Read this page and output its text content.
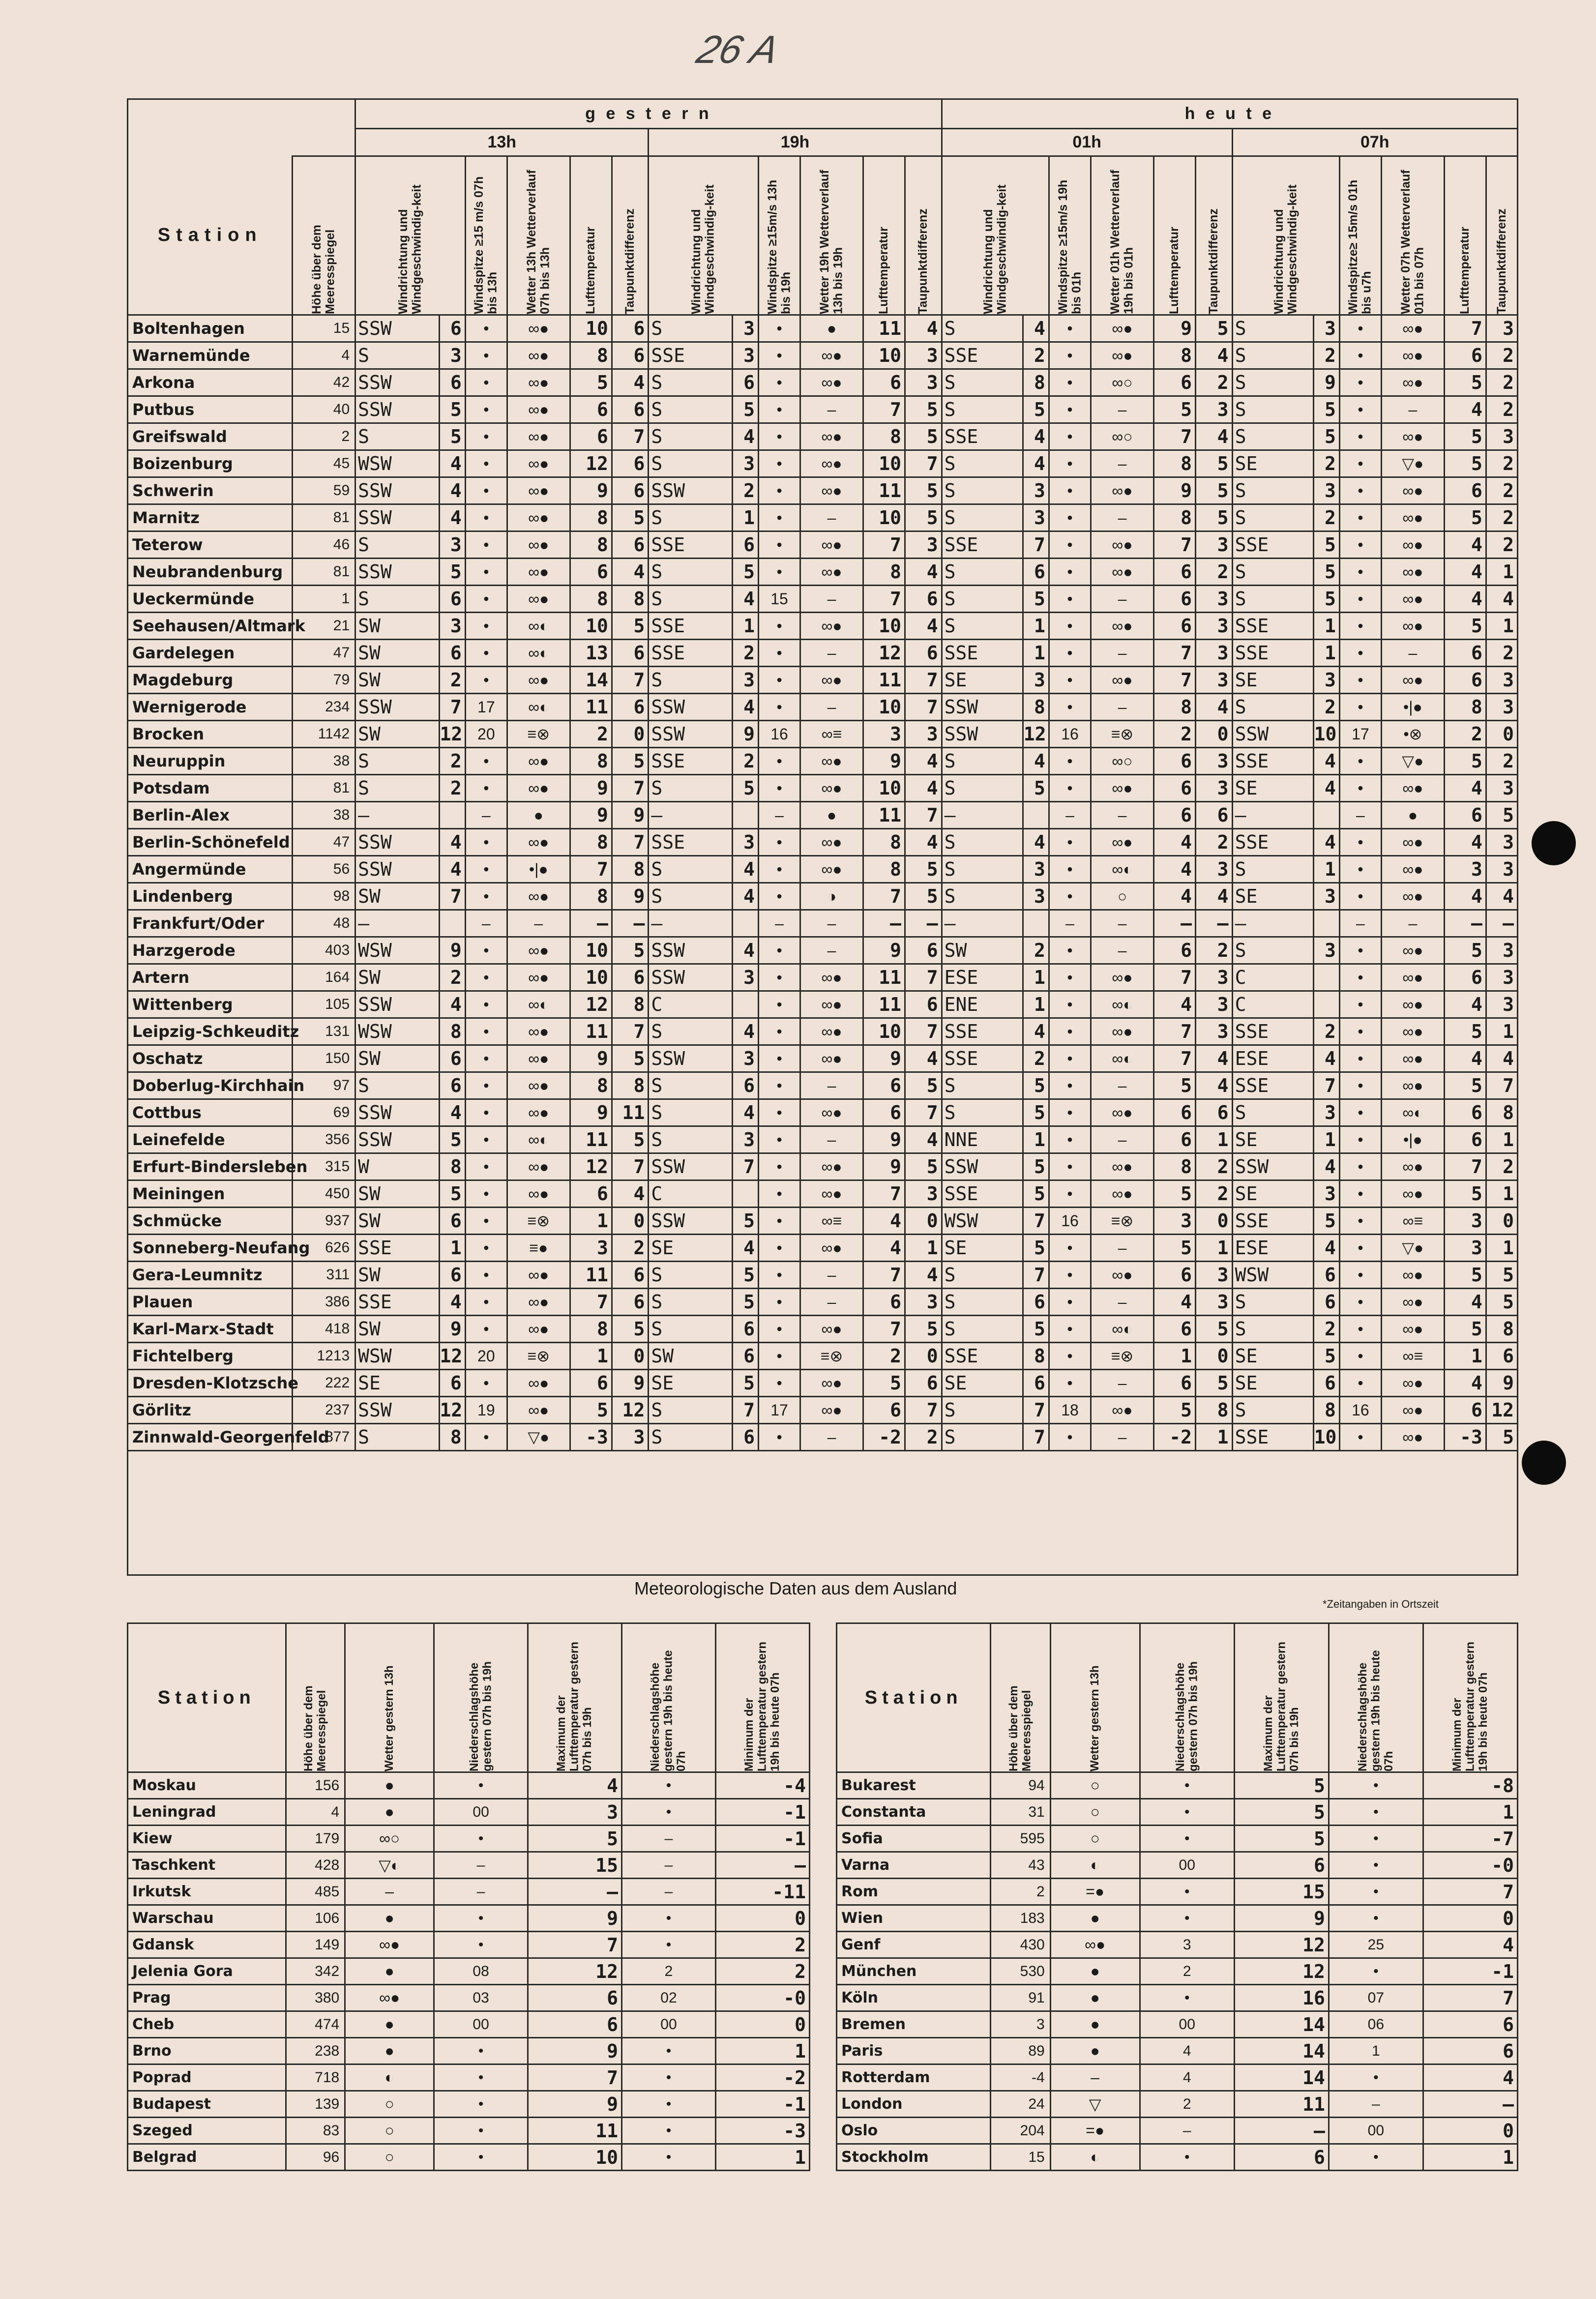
26 A
		g e s t e r n												h e u t e											
		13h						19h						01h						07h					
Station	Höhe über dem Meeresspiegel	Windrichtung und Windgeschwindig-keit		Windspitze ≥15 m/s 07h bis 13h	Wetter 13h Wetterverlauf 07h bis 13h	Lufttemperatur	Taupunktdifferenz	Windrichtung und Windgeschwindig-keit		Windspitze ≥15m/s 13h bis 19h	Wetter 19h Wetterverlauf 13h bis 19h	Lufttemperatur	Taupunktdifferenz	Windrichtung und Windgeschwindig-keit		Windspitze ≥15m/s 19h bis 01h	Wetter 01h Wetterverlauf 19h bis 01h	Lufttemperatur	Taupunktdifferenz	Windrichtung und Windgeschwindig-keit		Windspitze≥ 15m/s 01h bis u7h	Wetter 07h Wetterverlauf 01h bis 07h	Lufttemperatur	Taupunktdifferenz

Boltenhagen	15	SSW	6	•	∞●	10	6	S	3	•	●	11	4	S	4	•	∞●	9	5	S	3	•	∞●	7	3
Warnemünde	4	S	3	•	∞●	8	6	SSE	3	•	∞●	10	3	SSE	2	•	∞●	8	4	S	2	•	∞●	6	2
Arkona	42	SSW	6	•	∞●	5	4	S	6	•	∞●	6	3	S	8	•	∞○	6	2	S	9	•	∞●	5	2
Putbus	40	SSW	5	•	∞●	6	6	S	5	•	–	7	5	S	5	•	–	5	3	S	5	•	–	4	2
Greifswald	2	S	5	•	∞●	6	7	S	4	•	∞●	8	5	SSE	4	•	∞○	7	4	S	5	•	∞●	5	3
Boizenburg	45	WSW	4	•	∞●	12	6	S	3	•	∞●	10	7	S	4	•	–	8	5	SE	2	•	▽●	5	2
Schwerin	59	SSW	4	•	∞●	9	6	SSW	2	•	∞●	11	5	S	3	•	∞●	9	5	S	3	•	∞●	6	2
Marnitz	81	SSW	4	•	∞●	8	5	S	1	•	–	10	5	S	3	•	–	8	5	S	2	•	∞●	5	2
Teterow	46	S	3	•	∞●	8	6	SSE	6	•	∞●	7	3	SSE	7	•	∞●	7	3	SSE	5	•	∞●	4	2
Neubrandenburg	81	SSW	5	•	∞●	6	4	S	5	•	∞●	8	4	S	6	•	∞●	6	2	S	5	•	∞●	4	1
Ueckermünde	1	S	6	•	∞●	8	8	S	4	15	–	7	6	S	5	•	–	6	3	S	5	•	∞●	4	4
Seehausen/Altmark	21	SW	3	•	∞◐	10	5	SSE	1	•	∞●	10	4	S	1	•	∞●	6	3	SSE	1	•	∞●	5	1
Gardelegen	47	SW	6	•	∞◐	13	6	SSE	2	•	–	12	6	SSE	1	•	–	7	3	SSE	1	•	–	6	2
Magdeburg	79	SW	2	•	∞●	14	7	S	3	•	∞●	11	7	SE	3	•	∞●	7	3	SE	3	•	∞●	6	3
Wernigerode	234	SSW	7	17	∞◐	11	6	SSW	4	•	–	10	7	SSW	8	•	–	8	4	S	2	•	•|●	8	3
Brocken	1142	SW	12	20	≡⊗	2	0	SSW	9	16	∞≡	3	3	SSW	12	16	≡⊗	2	0	SSW	10	17	•⊗	2	0
Neuruppin	38	S	2	•	∞●	8	5	SSE	2	•	∞●	9	4	S	4	•	∞○	6	3	SSE	4	•	▽●	5	2
Potsdam	81	S	2	•	∞●	9	7	S	5	•	∞●	10	4	S	5	•	∞●	6	3	SE	4	•	∞●	4	3
Berlin-Alex	38	–		–	●	9	9	–		–	●	11	7	–		–	–	6	6	–		–	●	6	5
Berlin-Schönefeld	47	SSW	4	•	∞●	8	7	SSE	3	•	∞●	8	4	S	4	•	∞●	4	2	SSE	4	•	∞●	4	3
Angermünde	56	SSW	4	•	•|●	7	8	S	4	•	∞●	8	5	S	3	•	∞◐	4	3	S	1	•	∞●	3	3
Lindenberg	98	SW	7	•	∞●	8	9	S	4	•	◑	7	5	S	3	•	○	4	4	SE	3	•	∞●	4	4
Frankfurt/Oder	48	–		–	–	–	–	–		–	–	–	–	–		–	–	–	–	–		–	–	–	–
Harzgerode	403	WSW	9	•	∞●	10	5	SSW	4	•	–	9	6	SW	2	•	–	6	2	S	3	•	∞●	5	3
Artern	164	SW	2	•	∞●	10	6	SSW	3	•	∞●	11	7	ESE	1	•	∞●	7	3	C		•	∞●	6	3
Wittenberg	105	SSW	4	•	∞◐	12	8	C		•	∞●	11	6	ENE	1	•	∞◐	4	3	C		•	∞●	4	3
Leipzig-Schkeuditz	131	WSW	8	•	∞●	11	7	S	4	•	∞●	10	7	SSE	4	•	∞●	7	3	SSE	2	•	∞●	5	1
Oschatz	150	SW	6	•	∞●	9	5	SSW	3	•	∞●	9	4	SSE	2	•	∞◐	7	4	ESE	4	•	∞●	4	4
Doberlug-Kirchhain	97	S	6	•	∞●	8	8	S	6	•	–	6	5	S	5	•	–	5	4	SSE	7	•	∞●	5	7
Cottbus	69	SSW	4	•	∞●	9	11	S	4	•	∞●	6	7	S	5	•	∞●	6	6	S	3	•	∞◐	6	8
Leinefelde	356	SSW	5	•	∞◐	11	5	S	3	•	–	9	4	NNE	1	•	–	6	1	SE	1	•	•|●	6	1
Erfurt-Bindersleben	315	W	8	•	∞●	12	7	SSW	7	•	∞●	9	5	SSW	5	•	∞●	8	2	SSW	4	•	∞●	7	2
Meiningen	450	SW	5	•	∞●	6	4	C		•	∞●	7	3	SSE	5	•	∞●	5	2	SE	3	•	∞●	5	1
Schmücke	937	SW	6	•	≡⊗	1	0	SSW	5	•	∞≡	4	0	WSW	7	16	≡⊗	3	0	SSE	5	•	∞≡	3	0
Sonneberg-Neufang	626	SSE	1	•	≡●	3	2	SE	4	•	∞●	4	1	SE	5	•	–	5	1	ESE	4	•	▽●	3	1
Gera-Leumnitz	311	SW	6	•	∞●	11	6	S	5	•	–	7	4	S	7	•	∞●	6	3	WSW	6	•	∞●	5	5
Plauen	386	SSE	4	•	∞●	7	6	S	5	•	–	6	3	S	6	•	–	4	3	S	6	•	∞●	4	5
Karl-Marx-Stadt	418	SW	9	•	∞●	8	5	S	6	•	∞●	7	5	S	5	•	∞◐	6	5	S	2	•	∞●	5	8
Fichtelberg	1213	WSW	12	20	≡⊗	1	0	SW	6	•	≡⊗	2	0	SSE	8	•	≡⊗	1	0	SE	5	•	∞≡	1	6
Dresden-Klotzsche	222	SE	6	•	∞●	6	9	SE	5	•	∞●	5	6	SE	6	•	–	6	5	SE	6	•	∞●	4	9
Görlitz	237	SSW	12	19	∞●	5	12	S	7	17	∞●	6	7	S	7	18	∞●	5	8	S	8	16	∞●	6	12
Zinnwald-Georgenfeld	877	S	8	•	▽●	-3	3	S	6	•	–	-2	2	S	7	•	–	-2	1	SSE	10	•	∞●	-3	5

Meteorologische Daten aus dem Ausland
*Zeitangaben in Ortszeit
Station	Höhe über dem Meeresspiegel	Wetter gestern 13h	Niederschlagshöhe gestern 07h bis 19h	Maximum der Lufttemperatur gestern 07h bis 19h	Niederschlagshöhe gestern 19h bis heute 07h	Minimum der Lufttemperatur gestern 19h bis heute 07h

Moskau	156	●	•	4	•	-4
Leningrad	4	●	00	3	•	-1
Kiew	179	∞○	•	5	–	-1
Taschkent	428	▽◐	–	15	–	–
Irkutsk	485	–	–	–	–	-11
Warschau	106	●	•	9	•	0
Gdansk	149	∞●	•	7	•	2
Jelenia Gora	342	●	08	12	2	2
Prag	380	∞●	03	6	02	-0
Cheb	474	●	00	6	00	0
Brno	238	●	•	9	•	1
Poprad	718	◐	•	7	•	-2
Budapest	139	○	•	9	•	-1
Szeged	83	○	•	11	•	-3
Belgrad	96	○	•	10	•	1
Station	Höhe über dem Meeresspiegel	Wetter gestern 13h	Niederschlagshöhe gestern 07h bis 19h	Maximum der Lufttemperatur gestern 07h bis 19h	Niederschlagshöhe gestern 19h bis heute 07h	Minimum der Lufttemperatur gestern 19h bis heute 07h

Bukarest	94	○	•	5	•	-8
Constanta	31	○	•	5	•	1
Sofia	595	○	•	5	•	-7
Varna	43	◐	00	6	•	-0
Rom	2	=●	•	15	•	7
Wien	183	●	•	9	•	0
Genf	430	∞●	3	12	25	4
München	530	●	2	12	•	-1
Köln	91	●	•	16	07	7
Bremen	3	●	00	14	06	6
Paris	89	●	4	14	1	6
Rotterdam	-4	–	4	14	•	4
London	24	▽	2	11	–	–
Oslo	204	=●	–	–	00	0
Stockholm	15	◐	•	6	•	1
